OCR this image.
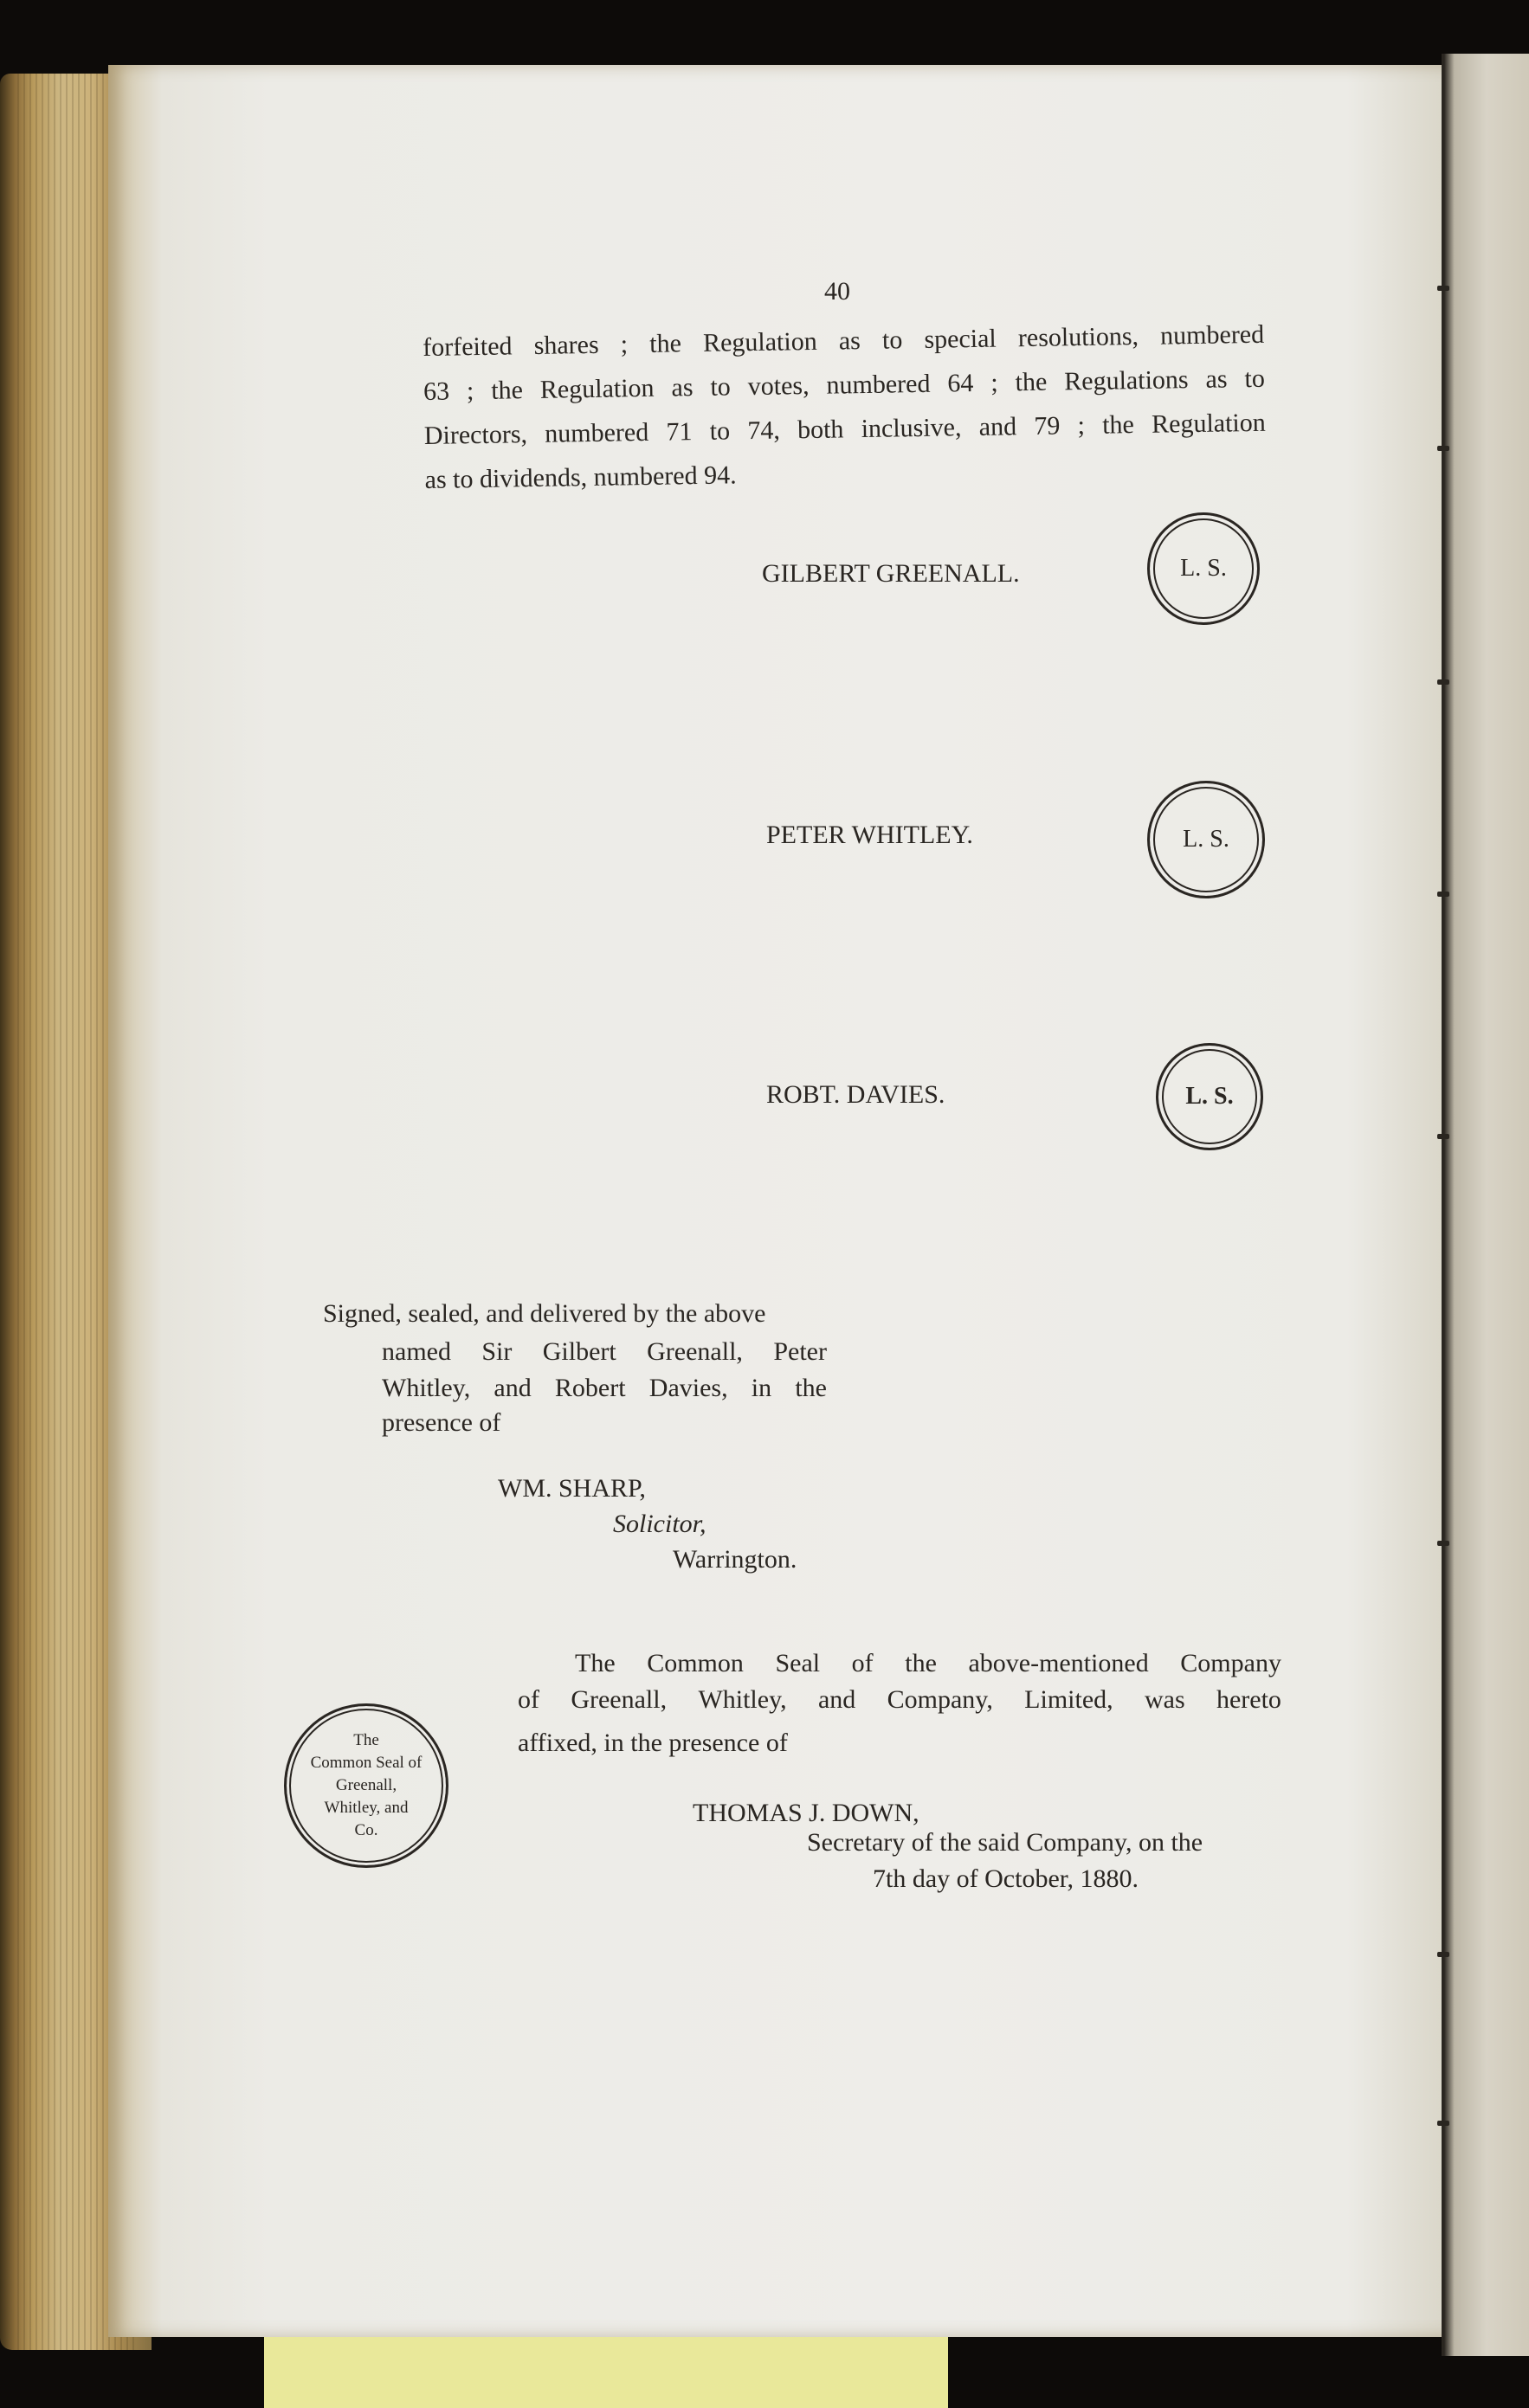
40
forfeited shares ; the Regulation as to special resolutions, numbered
63 ; the Regulation as to votes, numbered 64 ; the Regulations as to
Directors, numbered 71 to 74, both inclusive, and 79 ; the Regulation
as to dividends, numbered 94.
GILBERT GREENALL.	L. S.
PETER WHITLEY.	L. S.
ROBT. DAVIES.	L. S.
Signed, sealed, and delivered by the above
named Sir Gilbert Greenall, Peter
Whitley, and Robert Davies, in the
presence of
WM. SHARP,
Solicitor,
Warrington.
The Common Seal of the above-mentioned Company
of Greenall, Whitley, and Company, Limited, was hereto
affixed, in the presence of
The
Common Seal of
Greenall,
Whitley, and
Co.
THOMAS J. DOWN,
Secretary of the said Company, on the
7th day of October, 1880.
